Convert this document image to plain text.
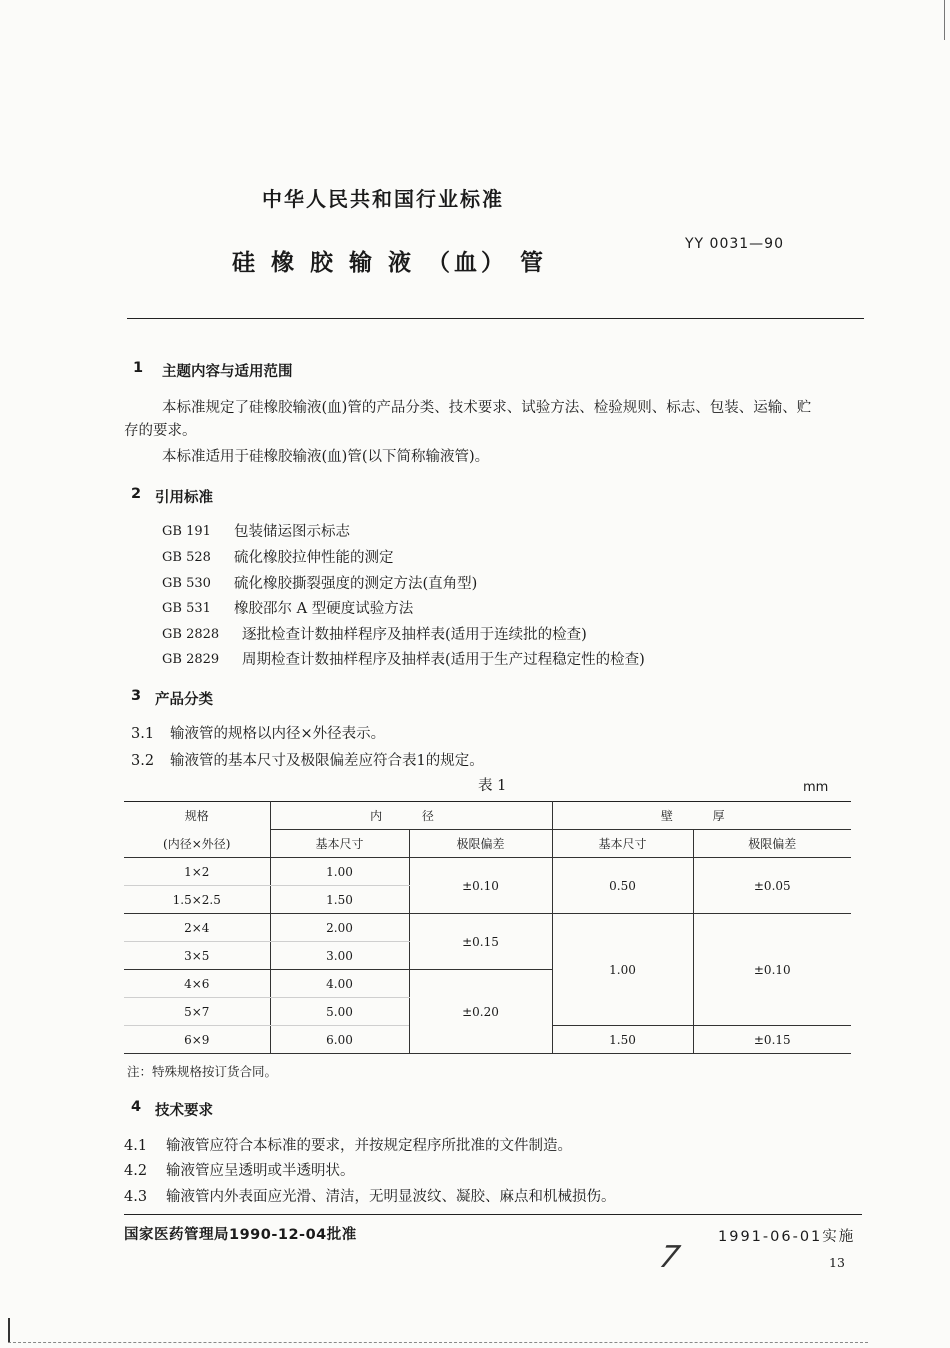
中华人民共和国行业标准
硅 橡 胶 输 液 （血） 管
YY 0031—90
1 主题内容与适用范围
本标准规定了硅橡胶输液(血)管的产品分类、技术要求、试验方法、检验规则、标志、包装、运输、贮
存的要求。
本标准适用于硅橡胶输液(血)管(以下简称输液管)。
2 引用标准
GB 191 包装储运图示标志
GB 528 硫化橡胶拉伸性能的测定
GB 530 硫化橡胶撕裂强度的测定方法(直角型)
GB 531 橡胶邵尔 A 型硬度试验方法
GB 2828 逐批检查计数抽样程序及抽样表(适用于连续批的检查)
GB 2829 周期检查计数抽样程序及抽样表(适用于生产过程稳定性的检查)
3 产品分类
3.1 输液管的规格以内径×外径表示。
3.2 输液管的基本尺寸及极限偏差应符合表1的规定。
表 1	mm
规格	内 径		壁 厚	
(内径×外径)	基本尺寸	极限偏差	基本尺寸	极限偏差
1×2	1.00	±0.10	0.50	±0.05
1.5×2.5	1.50			
2×4	2.00	±0.15	1.00	±0.10
3×5	3.00			
4×6	4.00	±0.20		
5×7	5.00			
6×9	6.00		1.50	±0.15
注：特殊规格按订货合同。
4 技术要求
4.1 输液管应符合本标准的要求，并按规定程序所批准的文件制造。
4.2 输液管应呈透明或半透明状。
4.3 输液管内外表面应光滑、清洁，无明显波纹、凝胶、麻点和机械损伤。
国家医药管理局1990-12-04批准	1991-06-01实施
7	13
